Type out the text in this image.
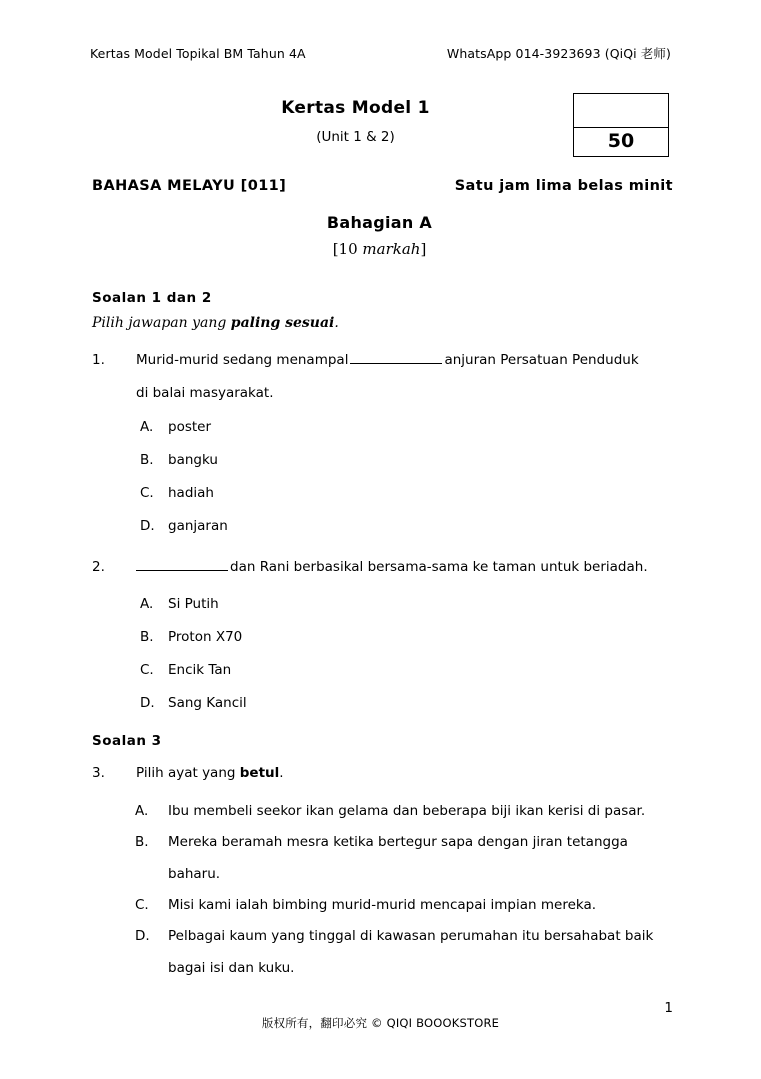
Kertas Model Topikal BM Tahun 4A	WhatsApp 014-3923693 (QiQi 老师)
Kertas Model 1
(Unit 1 & 2)	50
BAHASA MELAYU [011]	Satu jam lima belas minit
Bahagian A
[10 markah]
Soalan 1 dan 2
Pilih jawapan yang paling sesuai.
1.	Murid-murid sedang menampal	anjuran Persatuan Penduduk
di balai masyarakat.
A.	poster
B.	bangku
C.	hadiah
D. ganjaran
2.	dan Rani berbasikal bersama-sama ke taman untuk beriadah.
A.	Si Putih
B.	Proton X70
C.	Encik Tan
D. Sang Kancil
Soalan 3
3.	Pilih ayat yang betul.
A.	Ibu membeli seekor ikan gelama dan beberapa biji ikan kerisi di pasar.
B.	Mereka beramah mesra ketika bertegur sapa dengan jiran tetangga
baharu.
C.	Misi kami ialah bimbing murid-murid mencapai impian mereka.
D.	Pelbagai kaum yang tinggal di kawasan perumahan itu bersahabat baik
bagai isi dan kuku.
1
版权所有，翻印必究 © QIQI BOOOKSTORE
